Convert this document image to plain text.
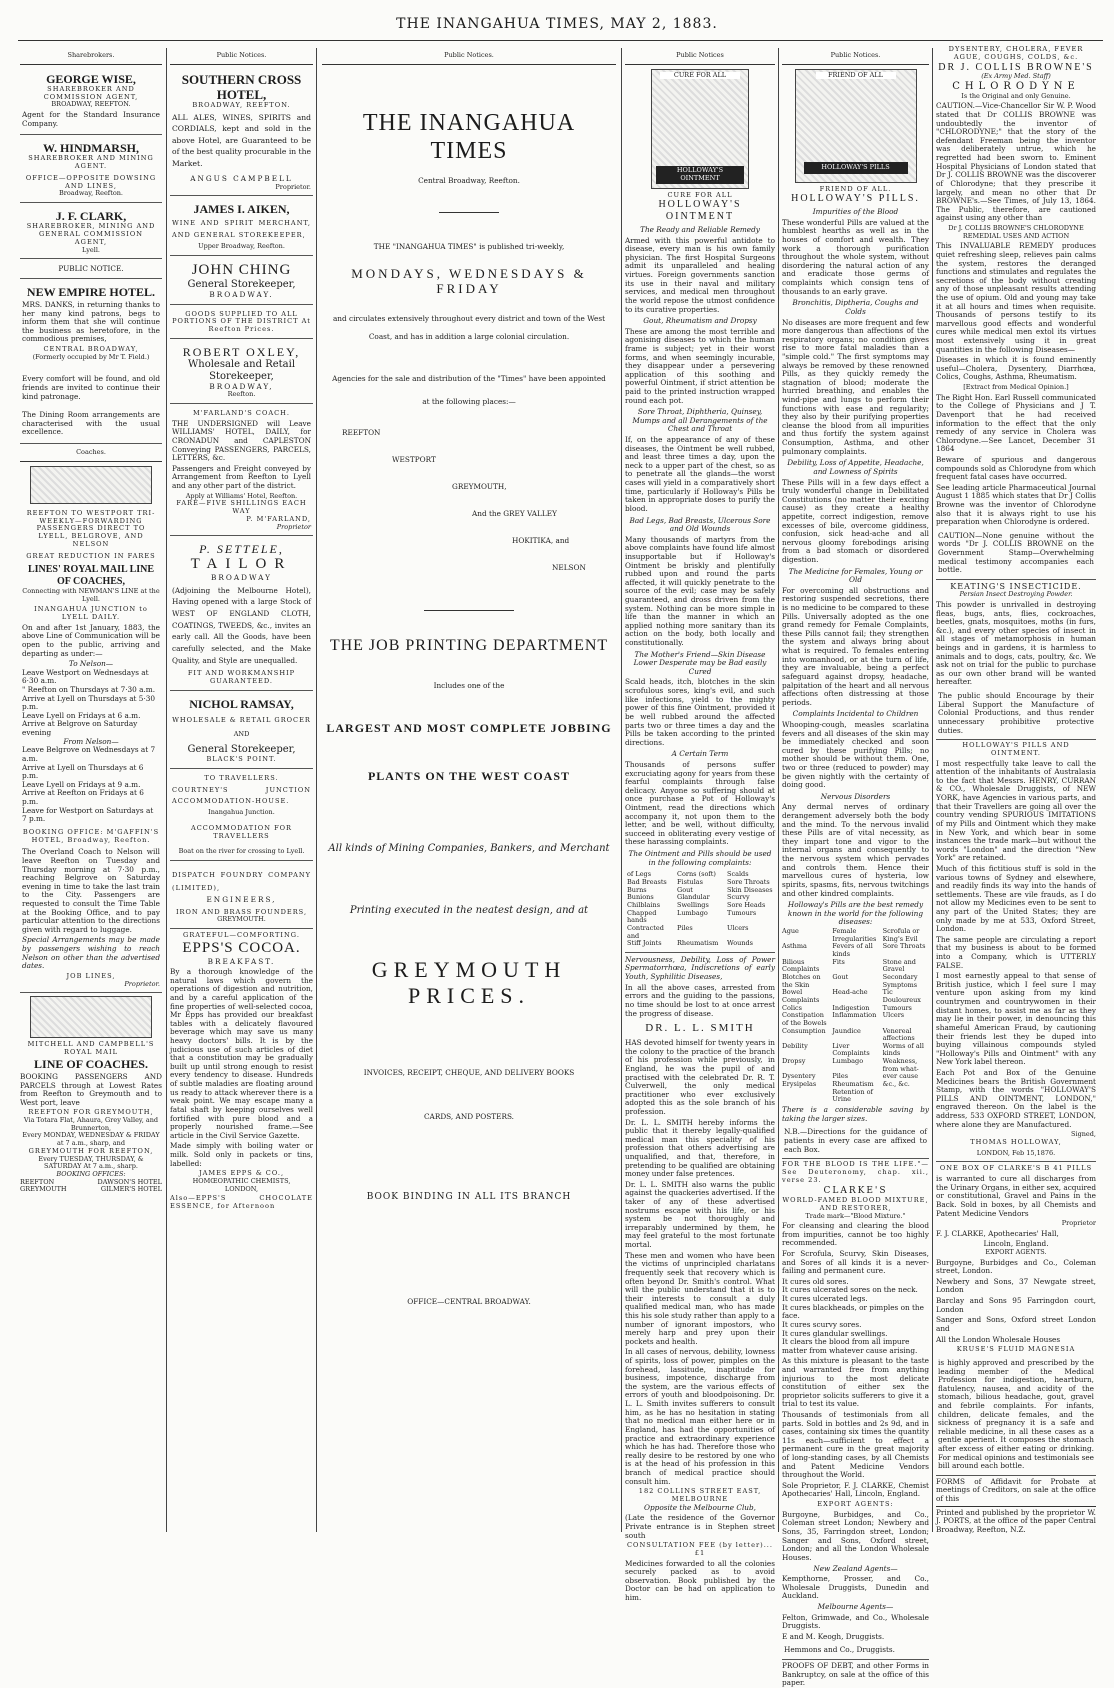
THE INANGAHUA TIMES, MAY 2, 1883.
Sharebrokers.
GEORGE WISE,
SHAREBROKER AND COMMISSION AGENT,
BROADWAY, REEFTON.
Agent for the Standard Insurance Company.
W. HINDMARSH,
SHAREBROKER AND MINING AGENT.
OFFICE—OPPOSITE DOWSING AND LINES,
Broadway, Reefton.
J. F. CLARK,
SHAREBROKER, MINING AND GENERAL COMMISSION AGENT,
Lyell.
PUBLIC NOTICE.
NEW EMPIRE HOTEL.
MRS. DANKS, in returning thanks to her many kind patrons, begs to inform them that she will continue the business as heretofore, in the commodious premises,
CENTRAL BROADWAY,
(Formerly occupied by Mr T. Field.)
Every comfort will be found, and old friends are invited to continue their kind patronage.
The Dining Room arrangements are characterised with the usual excellence.
Coaches.
REEFTON TO WESTPORT TRI-WEEKLY—FORWARDING PASSENGERS DIRECT TO LYELL, BELGROVE, AND NELSON
GREAT REDUCTION IN FARES
LINES' ROYAL MAIL LINE OF COACHES,
Connecting with NEWMAN'S LINE at the Lyell.
INANGAHUA JUNCTION to LYELL DAILY.
On and after 1st January, 1883, the above Line of Communication will be open to the public, arriving and departing as under:—
To Nelson—
Leave Westport on Wednesdays at 6·30 a.m.
" Reefton on Thursdays at 7·30 a.m.
Arrive at Lyell on Thursdays at 5·30 p.m.
Leave Lyell on Fridays at 6 a.m.
Arrive at Belgrove on Saturday evening
From Nelson—
Leave Belgrove on Wednesdays at 7 a.m.
Arrive at Lyell on Thursdays at 6 p.m.
Leave Lyell on Fridays at 9 a.m.
Arrive at Reefton on Fridays at 6 p.m.
Leave for Westport on Saturdays at 7 p.m.
BOOKING OFFICE: M'GAFFIN'S HOTEL, Broadway, Reefton.
The Overland Coach to Nelson will leave Reefton on Tuesday and Thursday morning at 7·30 p.m., reaching Belgrove on Saturday evening in time to take the last train to the City. Passengers are requested to consult the Time Table at the Booking Office, and to pay particular attention to the directions given with regard to luggage.
Special Arrangements may be made by passengers wishing to reach Nelson on other than the advertised dates.
JOB LINES,
Proprietor.
MITCHELL AND CAMPBELL'S ROYAL MAIL
LINE OF COACHES.
BOOKING PASSENGERS AND PARCELS through at Lowest Rates from Reefton to Greymouth and to West port, leave
REEFTON FOR GREYMOUTH,
Via Totara Flat, Ahaura, Grey Valley, and Brunnerton,
Every MONDAY, WEDNESDAY & FRIDAY at 7 a.m., sharp, and
GREYMOUTH FOR REEFTON,
Every TUESDAY, THURSDAY, & SATURDAY At 7 a.m., sharp.
BOOKING OFFICES:
REEFTON	DAWSON'S HOTEL
GREYMOUTH	GILMER'S HOTEL
Public Notices.
SOUTHERN CROSS HOTEL,
BROADWAY, REEFTON.
ALL ALES, WINES, SPIRITS and CORDIALS, kept and sold in the above Hotel, are Guaranteed to be of the best quality procurable in the Market.
ANGUS CAMPBELL
Proprietor.
JAMES I. AIKEN,
WINE AND SPIRIT MERCHANT, AND GENERAL STOREKEEPER,
Upper Broadway, Reefton.
JOHN CHING
General Storekeeper,
BROADWAY.
GOODS SUPPLIED TO ALL PORTIONS OF THE DISTRICT At Reefton Prices.
ROBERT OXLEY,
Wholesale and Retail Storekeeper,
BROADWAY,
Reefton.
M'FARLAND'S COACH.
THE UNDERSIGNED will Leave WILLIAMS' HOTEL, DAILY, for CRONADUN and CAPLESTON Conveying PASSENGERS, PARCELS, LETTERS, &c.
Passengers and Freight conveyed by Arrangement from Reefton to Lyell and any other part of the district.
Apply at Williams' Hotel, Reefton.
FARE—FIVE SHILLINGS EACH WAY
P. M'FARLAND,
Proprietor
P. SETTELE,
TAILOR
BROADWAY
(Adjoining the Melbourne Hotel), Having opened with a large Stock of WEST OF ENGLAND CLOTH, COATINGS, TWEEDS, &c., invites an early call. All the Goods, have been carefully selected, and the Make Quality, and Style are unequalled.
FIT AND WORKMANSHIP GUARANTEED.
NICHOL RAMSAY,
WHOLESALE & RETAIL GROCER
AND
General Storekeeper,
BLACK'S POINT.
TO TRAVELLERS.
COURTNEY'S JUNCTION ACCOMMODATION-HOUSE.
Inangahua Junction.
ACCOMMODATION FOR TRAVELLERS
Boat on the river for crossing to Lyell.
DISPATCH FOUNDRY COMPANY (LIMITED),
ENGINEERS,
IRON AND BRASS FOUNDERS,
GREYMOUTH.
GRATEFUL—COMFORTING.
EPPS'S COCOA.
BREAKFAST.
By a thorough knowledge of the natural laws which govern the operations of digestion and nutrition, and by a careful application of the fine properties of well-selected cocoa, Mr Epps has provided our breakfast tables with a delicately flavoured beverage which may save us many heavy doctors' bills. It is by the judicious use of such articles of diet that a constitution may be gradually built up until strong enough to resist every tendency to disease. Hundreds of subtle maladies are floating around us ready to attack wherever there is a weak point. We may escape many a fatal shaft by keeping ourselves well fortified with pure blood and a properly nourished frame.—See article in the Civil Service Gazette.
Made simply with boiling water or milk. Sold only in packets or tins, labelled:
JAMES EPPS & CO.,
HOMŒOPATHIC CHEMISTS,
LONDON,
Also—EPPS'S CHOCOLATE ESSENCE, for Afternoon
Public Notices.
THE INANGAHUA TIMES
Central Broadway, Reefton.
THE "INANGAHUA TIMES" is published tri-weekly,
MONDAYS, WEDNESDAYS & FRIDAY
and circulates extensively throughout every district and town of the West Coast, and has in addition a large colonial circulation.
Agencies for the sale and distribution of the "Times" have been appointed
at the following places:—
REEFTON
WESTPORT
GREYMOUTH,
And the GREY VALLEY
HOKITIKA, and
NELSON
THE JOB PRINTING DEPARTMENT
Includes one of the
LARGEST AND MOST COMPLETE JOBBING
PLANTS ON THE WEST COAST
All kinds of Mining Companies, Bankers, and Merchant
Printing executed in the neatest design, and at
GREYMOUTH PRICES.
INVOICES, RECEIPT, CHEQUE, AND DELIVERY BOOKS
CARDS, AND POSTERS.
BOOK BINDING IN ALL ITS BRANCH
OFFICE—CENTRAL BROADWAY.
Public Notices
CURE FOR ALL
HOLLOWAY'S OINTMENT
CURE FOR ALL
HOLLOWAY'S OINTMENT
The Ready and Reliable Remedy
Armed with this powerful antidote to disease, every man is his own family physician. The first Hospital Surgeons admit its unparalleled and healing virtues. Foreign governments sanction its use in their naval and military services, and medical men throughout the world repose the utmost confidence to its curative properties.
Gout, Rheumatism and Dropsy
These are among the most terrible and agonising diseases to which the human frame is subject; yet in their worst forms, and when seemingly incurable, they disappear under a persevering application of this soothing and powerful Ointment, if strict attention be paid to the printed instruction wrapped round each pot.
Sore Throat, Diphtheria, Quinsey, Mumps and all Derangements of the Chest and Throat
If, on the appearance of any of these diseases, the Ointment be well rubbed, and least three times a day, upon the neck to a upper part of the chest, so as to penetrate all the glands—the worst cases will yield in a comparatively short time, particularly if Holloway's Pills be taken in appropriate doses to purify the blood.
Bad Legs, Bad Breasts, Ulcerous Sore and Old Wounds
Many thousands of martyrs from the above complaints have found life almost insupportable but if Holloway's Ointment be briskly and plentifully rubbed upon and round the parts affected, it will quickly penetrate to the source of the evil; case may be safely guaranteed, and dross driven from the system. Nothing can be more simple in life than the manner in which an applied nothing more sanitary than its action on the body, both locally and constitutionally.
The Mother's Friend—Skin Disease Lower Desperate may be Bad easily Cured
Scald heads, itch, blotches in the skin scrofulous sores, king's evil, and such like infections, yield to the mighty power of this fine Ointment, provided it be well rubbed around the affected parts two or three times a day and the Pills be taken according to the printed directions.
A Certain Term
Thousands of persons suffer excruciating agony for years from these fearful complaints through false delicacy. Anyone so suffering should at once purchase a Pot of Holloway's Ointment, read the directions which accompany it, not upon them to the letter, and be well, without difficulty, succeed in obliterating every vestige of these harassing complaints.
The Ointment and Pills should be used in the following complaints:
of Legs	Corns (soft)	Scalds
Bad Breasts	Fistulas	Sore Throats
Burns	Gout	Skin Diseases
Bunions	Glandular	Scurvy
Chilblains	Swellings	Sore Heads
Chapped hands
Lumbago	Tumours
Contracted and
Piles	Ulcers
Stiff Joints	Rheumatism	Wounds
Nervousness, Debility, Loss of Power Spermatorrhœa, Indiscretions of early Youth, Syphilitic Diseases,
In all the above cases, arrested from errors and the guiding to the passions, no time should be lost to at once arrest the progress of disease.
DR. L. L. SMITH
HAS devoted himself for twenty years in the colony to the practice of the branch of his profession while previously, in England, he was the pupil of and practised with the celebrated Dr. R. T. Culverwell, the only medical practitioner who ever exclusively adopted this as the sole branch of his profession.
Dr. L. L. SMITH hereby informs the public that it thereby legally-qualified medical man this speciality of his profession that others advertising are unqualified, and that, therefore, in pretending to be qualified are obtaining money under false pretences.
Dr. L. L. SMITH also warns the public against the quackeries advertised. If the taker of any of these advertised nostrums escape with his life, or his system be not thoroughly and irreparably undermined by them, he may feel grateful to the most fortunate mortal.
These men and women who have been the victims of unprincipled charlatans frequently seek that recovery which is often beyond Dr. Smith's control. What will the public understand that it is to their interests to consult a duly qualified medical man, who has made this his sole study rather than apply to a number of ignorant impostors, who merely harp and prey upon their pockets and health.
In all cases of nervous, debility, lowness of spirits, loss of power, pimples on the forehead, lassitude, inaptitude for business, impotence, discharge from the system, are the various effects of errors of youth and bloodpoisoning. Dr. L. L. Smith invites sufferers to consult him, as he has no hesitation in stating that no medical man either here or in England, has had the opportunities of practice and extraordinary experience which he has had. Therefore those who really desire to be restored by one who is at the head of his profession in this branch of medical practice should consult him.
182 COLLINS STREET EAST, MELBOURNE
Opposite the Melbourne Club,
(Late the residence of the Governor Private entrance is in Stephen street south
CONSULTATION FEE (by letter)...£1
Medicines forwarded to all the colonies securely packed as to avoid observation. Book published by the Doctor can be had on application to him.
Public Notices.
FRIEND OF ALL
HOLLOWAY'S PILLS
FRIEND OF ALL.
HOLLOWAY'S PILLS.
Impurities of the Blood
These wonderful Pills are valued at the humblest hearths as well as in the houses of comfort and wealth. They work a thorough purification throughout the whole system, without disordering the natural action of any and eradicate those germs of complaints which consign tens of thousands to an early grave.
Bronchitis, Diptheria, Coughs and Colds
No diseases are more frequent and few more dangerous than affections of the respiratory organs; no condition gives rise to more fatal maladies than a "simple cold." The first symptoms may always be removed by these renowned Pills, as they quickly remedy the stagnation of blood; moderate the hurried breathing, and enables the wind-pipe and lungs to perform their functions with ease and regularity; they also by their purifying properties cleanse the blood from all impurities and thus fortify the system against Consumption, Asthma, and other pulmonary complaints.
Debility, Loss of Appetite, Headache, and Lowness of Spirits
These Pills will in a few days effect a truly wonderful change in Debilitated Constitutions (no matter their exciting cause) as they create a healthy appetite, correct indigestion, remove excesses of bile, overcome giddiness, confusion, sick head-ache and all nervous gloomy forebodings arising from a bad stomach or disordered digestion.
The Medicine for Females, Young or Old
For overcoming all obstructions and restoring suspended secretions, there is no medicine to be compared to these Pills. Universally adopted as the one grand remedy for Female Complaints, these Pills cannot fail; they strengthen the system and always bring about what is required. To females entering into womanhood, or at the turn of life, they are invaluable, being a perfect safeguard against dropsy, headache, palpitation of the heart and all nervous affections often distressing at those periods.
Complaints Incidental to Children
Whooping-cough, measles scarlatina fevers and all diseases of the skin may be immediately checked and soon cured by these purifying Pills; no mother should be without them. One, two or three (reduced to powder) may be given nightly with the certainty of doing good.
Nervous Disorders
Any dermal nerves of ordinary derangement adversely both the body and the mind. To the nervous invalid these Pills are of vital necessity, as they impart tone and vigor to the internal organs and consequently to the nervous system which pervades and controls them. Hence their marvellous cures of hysteria, low spirits, spasms, fits, nervous twitchings and other kindred complaints.
Holloway's Pills are the best remedy known in the world for the following diseases:
Ague	Female Irregularities
Scrofula or King's Evil
Asthma	Fevers of all kinds
Sore Throats
Bilious Complaints
Fits	Stone and Gravel
Blotches on the Skin
Gout	Secondary Symptoms
Bowel Complaints
Head-ache	Tic Douloureux
Colics	Indigestion	Tumours
Constipation of the Bowels
Inflammation Ulcers
Consumption	Jaundice	Venereal affections
Debility	Liver Complaints
Worms of all kinds
Dropsy	Lumbago	Weakness, from what-
Dysentery	Piles	ever cause
Erysipelas	Rheumatism	&c., &c.
Retention of Urine
There is a considerable saving by taking the larger sizes.
N.B.—Directions for the guidance of patients in every case are affixed to each Box.
FOR THE BLOOD IS THE LIFE."—See Deuteronomy, chap. xii., verse 23.
CLARKE'S
WORLD-FAMED BLOOD MIXTURE,
AND RESTORER,
Trade mark—"Blood Mixture."
For cleansing and clearing the blood from impurities, cannot be too highly recommended.
For Scrofula, Scurvy, Skin Diseases, and Sores of all kinds it is a never-failing and permanent cure.
It cures old sores.
It cures ulcerated sores on the neck.
It cures ulcerated legs.
It cures blackheads, or pimples on the face.
It cures scurvy sores.
It cures glandular swellings.
It clears the blood from all impure matter from whatever cause arising.
As this mixture is pleasant to the taste and warranted free from anything injurious to the most delicate constitution of either sex the proprietor solicits sufferers to give it a trial to test its value.
Thousands of testimonials from all parts. Sold in bottles and 2s 9d, and in cases, containing six times the quantity 11s each—sufficient to effect a permanent cure in the great majority of long-standing cases, by all Chemists and Patent Medicine Vendors throughout the World.
Sole Proprietor, F. J. CLARKE, Chemist Apothecaries' Hall, Lincoln, England.
EXPORT AGENTS:
Burgoyne, Burbidges, and Co., Coleman street London; Newbery and Sons, 35, Farringdon street, London; Sanger and Sons, Oxford street, London; and all the London Wholesale Houses.
New Zealand Agents—
Kempthorne, Prosser, and Co., Wholesale Druggists, Dunedin and Auckland.
Melbourne Agents—
Felton, Grimwade, and Co., Wholesale Druggists.
E and M. Keogh, Druggists.
Hemmons and Co., Druggists.
PROOFS OF DEBT, and other Forms in Bankruptcy, on sale at the office of this paper.
DYSENTERY, CHOLERA, FEVER AGUE, COUGHS, COLDS, &c.
DR J. COLLIS BROWNE'S
(Ex Army Med. Staff)
CHLORODYNE
Is the Original and only Genuine.
CAUTION.—Vice-Chancellor Sir W. P. Wood stated that Dr COLLIS BROWNE was undoubtedly the inventor of "CHLORODYNE;" that the story of the defendant Freeman being the inventor was deliberately untrue, which he regretted had been sworn to. Eminent Hospital Physicians of London stated that Dr J. COLLIS BROWNE was the discoverer of Chlorodyne; that they prescribe it largely, and mean no other that Dr BROWNE's.—See Times, of July 13, 1864. The Public, therefore, are cautioned against using any other than
Dr J. COLLIS BROWNE'S CHLORODYNE
REMEDIAL USES AND ACTION
This INVALUABLE REMEDY produces quiet refreshing sleep, relieves pain calms the system, restores the deranged functions and stimulates and regulates the secretions of the body without creating any of those unpleasant results attending the use of opium. Old and young may take it at all hours and times when requisite. Thousands of persons testify to its marvellous good effects and wonderful cures while medical men extol its virtues most extensively using it in great quantities in the following Diseases—
Diseases in which it is found eminently useful—Cholera, Dysentery, Diarrhœa, Colics, Coughs, Asthma, Rheumatism.
[Extract from Medical Opinion.]
The Right Hon. Earl Russell communicated to the College of Physicians and J T. Davenport that he had received information to the effect that the only remedy of any service in Cholera was Chlorodyne.—See Lancet, December 31 1864
Beware of spurious and dangerous compounds sold as Chlorodyne from which frequent fatal cases have occurred.
See leading article Pharmaceutical Journal August 1 1885 which states that Dr J Collis Browne was the inventor of Chlorodyne also that it is always right to use his preparation when Chlorodyne is ordered.
CAUTION—None genuine without the words "Dr J. COLLIS BROWNE on the Government Stamp—Overwhelming medical testimony accompanies each bottle.
KEATING'S INSECTICIDE.
Persian Insect Destroying Powder.
This powder is unrivalled in destroying fleas, bugs, ants, flies, cockroaches, beetles, gnats, mosquitoes, moths (in furs, &c.), and every other species of insect in all stages of metamorphosis in human beings and in gardens, it is harmless to animals and to dogs, cats, poultry, &c. We ask not on trial for the public to purchase as our own other brand will be wanted hereafter.
The public should Encourage by their Liberal Support the Manufacture of Colonial Productions, and thus render unnecessary prohibitive protective duties.
HOLLOWAY'S PILLS AND OINTMENT.
I most respectfully take leave to call the attention of the inhabitants of Australasia to the fact that Messrs. HENRY, CURRAN & CO., Wholesale Druggists, of NEW YORK, have Agencies in various parts, and that their Travellers are going all over the country vending SPURIOUS IMITATIONS of my Pills and Ointment which they make in New York, and which bear in some instances the trade mark—but without the words "London" and the direction "New York" are retained.
Much of this fictitious stuff is sold in the various towns of Sydney and elsewhere, and readily finds its way into the hands of settlements. These are vile frauds, as I do not allow my Medicines even to be sent to any part of the United States; they are only made by me at 533, Oxford Street, London.
The same people are circulating a report that my business is about to be formed into a Company, which is UTTERLY FALSE.
I most earnestly appeal to that sense of British justice, which I feel sure I may venture upon asking from my kind countrymen and countrywomen in their distant homes, to assist me as far as they may lie in their power, in denouncing this shameful American Fraud, by cautioning their friends lest they be duped into buying villainous compounds styled "Holloway's Pills and Ointment" with any New York label thereon.
Each Pot and Box of the Genuine Medicines bears the British Government Stamp, with the words "HOLLOWAY'S PILLS AND OINTMENT, LONDON," engraved thereon. On the label is the address, 533 OXFORD STREET, LONDON, where alone they are Manufactured.
Signed,
THOMAS HOLLOWAY,
LONDON, Feb 15,1876.
ONE BOX OF CLARKE'S B 41 PILLS
is warranted to cure all discharges from the Urinary Organs, in either sex, acquired or constitutional, Gravel and Pains in the Back. Sold in boxes, by all Chemists and Patent Medicine Vendors
Proprietor
F. J. CLARKE, Apothecaries' Hall,
Lincoln, England.
EXPORT AGENTS.
Burgoyne, Burbidges and Co., Coleman street, London.
Newbery and Sons, 37 Newgate street, London
Barclay and Sons 95 Farringdon court, London
Sanger and Sons, Oxford street London and
All the London Wholesale Houses
KRUSE'S FLUID MAGNESIA
is highly approved and prescribed by the leading member of the Medical Profession for indigestion, heartburn, flatulency, nausea, and acidity of the stomach, bilious headache, gout, gravel and febrile complaints. For infants, children, delicate females, and the sickness of pregnancy it is a safe and reliable medicine, in all these cases as a gentle aperient. It composes the stomach after excess of either eating or drinking. For medical opinions and testimonials see bill around each bottle.
FORMS of Affidavit for Probate at meetings of Creditors, on sale at the office of this
Printed and published by the proprietor W. J. PORTS, at the office of the paper Central Broadway, Reefton, N.Z.
